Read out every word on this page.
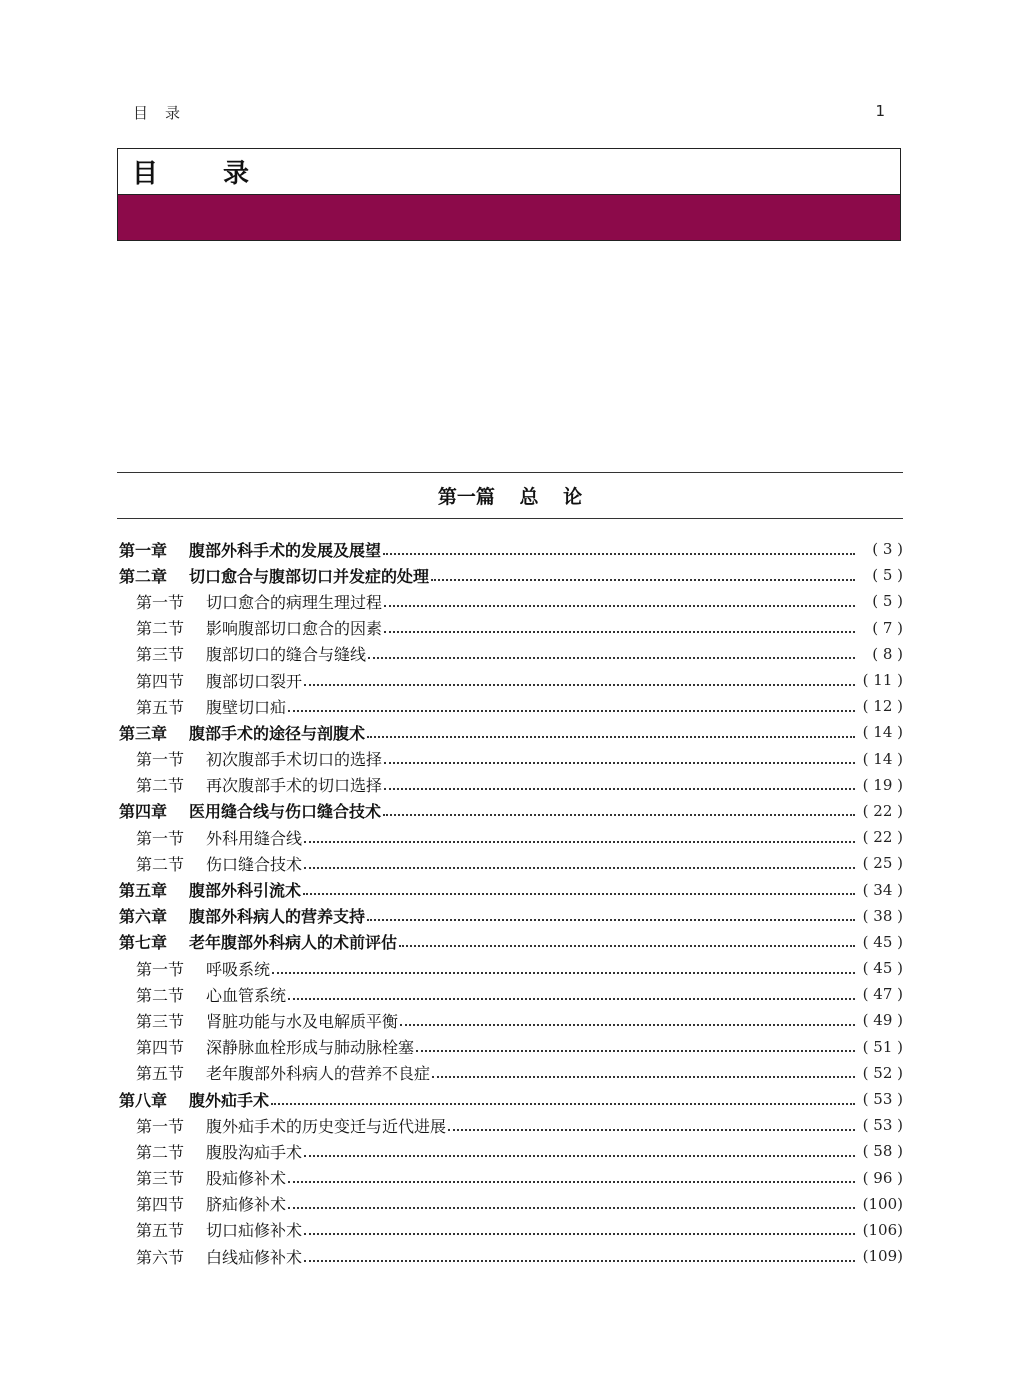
目　录	1
目 录
第一篇 总 论
第一章	腹部外科手术的发展及展望	( 3 )
第二章	切口愈合与腹部切口并发症的处理	( 5 )
第一节	切口愈合的病理生理过程	( 5 )
第二节	影响腹部切口愈合的因素	( 7 )
第三节	腹部切口的缝合与缝线	( 8 )
第四节	腹部切口裂开	( 11 )
第五节	腹壁切口疝	( 12 )
第三章	腹部手术的途径与剖腹术	( 14 )
第一节	初次腹部手术切口的选择	( 14 )
第二节	再次腹部手术的切口选择	( 19 )
第四章	医用缝合线与伤口缝合技术	( 22 )
第一节	外科用缝合线	( 22 )
第二节	伤口缝合技术	( 25 )
第五章	腹部外科引流术	( 34 )
第六章	腹部外科病人的营养支持	( 38 )
第七章	老年腹部外科病人的术前评估	( 45 )
第一节	呼吸系统	( 45 )
第二节	心血管系统	( 47 )
第三节	肾脏功能与水及电解质平衡	( 49 )
第四节	深静脉血栓形成与肺动脉栓塞	( 51 )
第五节	老年腹部外科病人的营养不良症	( 52 )
第八章	腹外疝手术	( 53 )
第一节	腹外疝手术的历史变迁与近代进展	( 53 )
第二节	腹股沟疝手术	( 58 )
第三节	股疝修补术	( 96 )
第四节	脐疝修补术	(100)
第五节	切口疝修补术	(106)
第六节	白线疝修补术	(109)
